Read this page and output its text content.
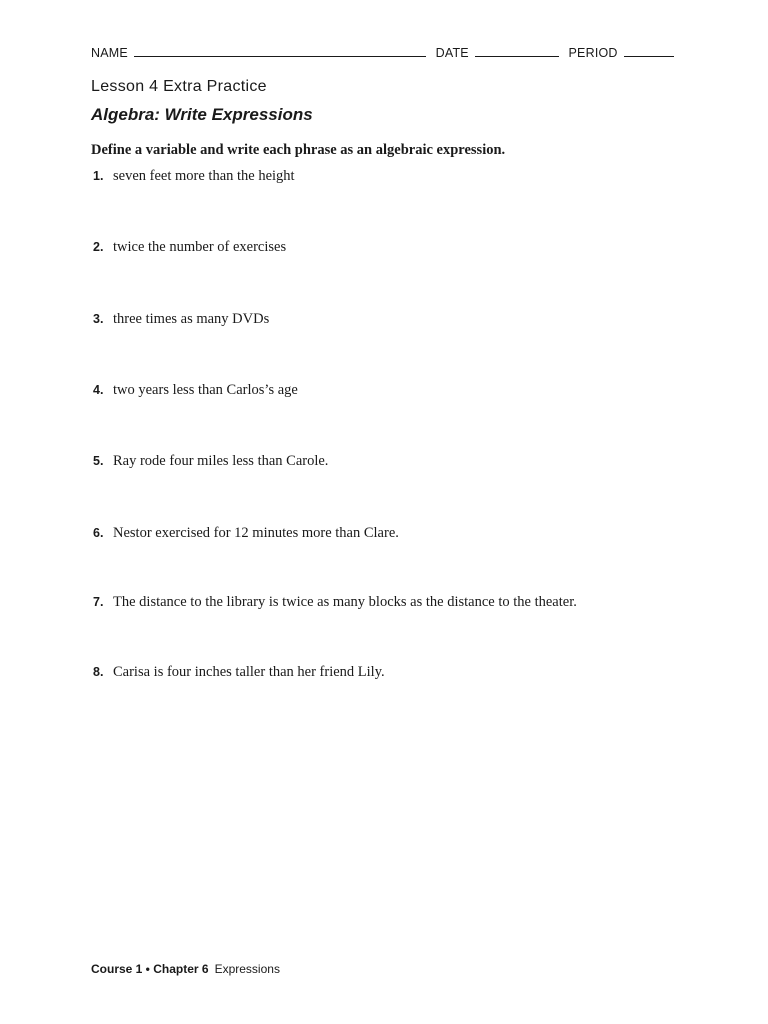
NAME	DATE	PERIOD
Lesson 4 Extra Practice
Algebra: Write Expressions
Define a variable and write each phrase as an algebraic expression.
1. seven feet more than the height
2. twice the number of exercises
3. three times as many DVDs
4. two years less than Carlos’s age
5. Ray rode four miles less than Carole.
6. Nestor exercised for 12 minutes more than Clare.
7. The distance to the library is twice as many blocks as the distance to the theater.
8. Carisa is four inches taller than her friend Lily.
Course 1 • Chapter 6 Expressions
